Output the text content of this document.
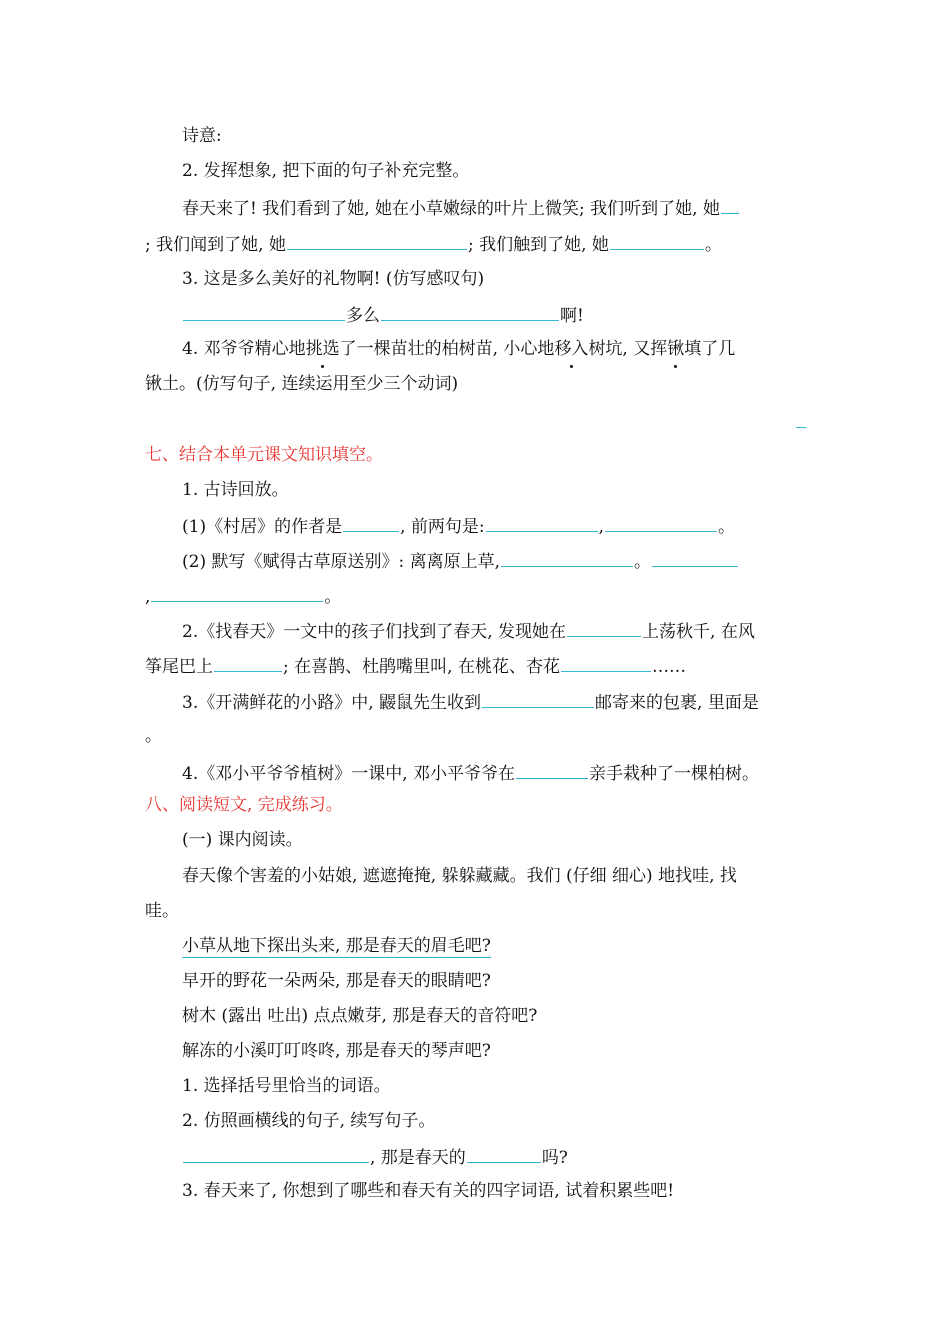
诗意:
2. 发挥想象, 把下面的句子补充完整。
春天来了! 我们看到了她, 她在小草嫩绿的叶片上微笑; 我们听到了她, 她
; 我们闻到了她, 她	; 我们触到了她, 她	。
3. 这是多么美好的礼物啊! (仿写感叹句)
多么	啊!
4. 邓爷爷精心地挑选了一棵苗壮的柏树苗, 小心地移入树坑, 又挥锹填了几
锹土。(仿写句子, 连续运用至少三个动词)
七、结合本单元课文知识填空。
1. 古诗回放。
(1)《村居》的作者是	, 前两句是:	,	。
(2) 默写《赋得古草原送别》: 离离原上草,	。
,	。
2.《找春天》一文中的孩子们找到了春天, 发现她在	上荡秋千, 在风
筝尾巴上	; 在喜鹊、杜鹃嘴里叫, 在桃花、杏花	……
3.《开满鲜花的小路》中, 鼹鼠先生收到	邮寄来的包裹, 里面是
。
4.《邓小平爷爷植树》一课中, 邓小平爷爷在	亲手栽种了一棵柏树。
八、阅读短文, 完成练习。
(一) 课内阅读。
春天像个害羞的小姑娘, 遮遮掩掩, 躲躲藏藏。我们 (仔细 细心) 地找哇, 找
哇。
小草从地下探出头来, 那是春天的眉毛吧?
早开的野花一朵两朵, 那是春天的眼睛吧?
树木 (露出 吐出) 点点嫩芽, 那是春天的音符吧?
解冻的小溪叮叮咚咚, 那是春天的琴声吧?
1. 选择括号里恰当的词语。
2. 仿照画横线的句子, 续写句子。
, 那是春天的	吗?
3. 春天来了, 你想到了哪些和春天有关的四字词语, 试着积累些吧!
